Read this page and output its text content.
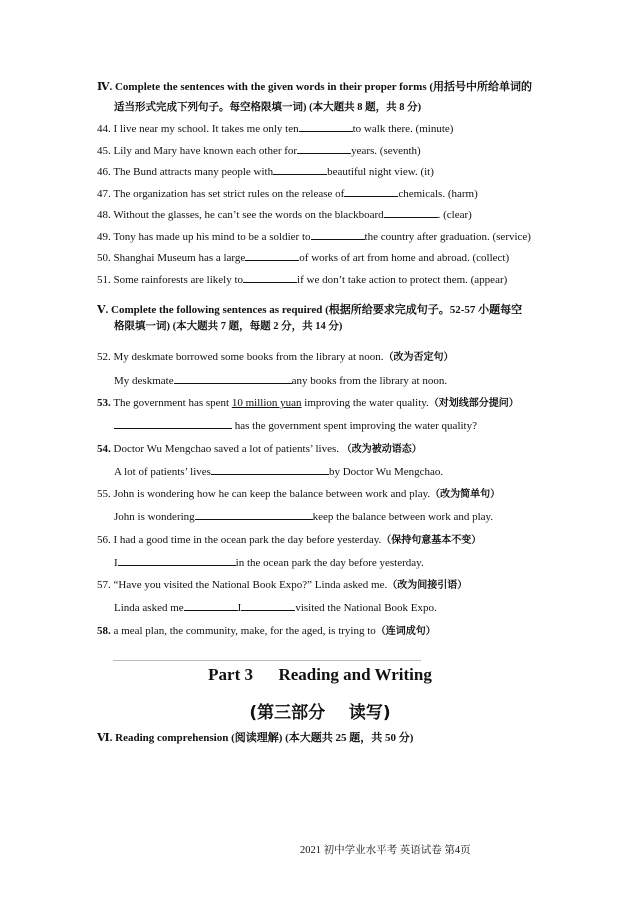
Ⅳ. Complete the sentences with the given words in their proper forms (用括号中所给单词的
适当形式完成下列句子。每空格限填一词) (本大题共 8 题，共 8 分)
44. I live near my school. It takes me only ten	to walk there. (minute)
45. Lily and Mary have known each other for	years. (seventh)
46. The Bund attracts many people with	beautiful night view. (it)
47. The organization has set strict rules on the release of	chemicals. (harm)
48. Without the glasses, he can’t see the words on the blackboard	. (clear)
49. Tony has made up his mind to be a soldier to	the country after graduation. (service)
50. Shanghai Museum has a large	of works of art from home and abroad. (collect)
51. Some rainforests are likely to	if we don’t take action to protect them. (appear)
Ⅴ. Complete the following sentences as required (根据所给要求完成句子。52-57 小题每空
格限填一词) (本大题共 7 题，每题 2 分，共 14 分)
52. My deskmate borrowed some books from the library at noon.（改为否定句）
My deskmate	any books from the library at noon.
53. The government has spent 10 million yuan improving the water quality.（对划线部分提问）
has the government spent improving the water quality?
54. Doctor Wu Mengchao saved a lot of patients’ lives. （改为被动语态）
A lot of patients’ lives	by Doctor Wu Mengchao.
55. John is wondering how he can keep the balance between work and play.（改为简单句）
John is wondering	keep the balance between work and play.
56. I had a good time in the ocean park the day before yesterday.（保持句意基本不变）
I	in the ocean park the day before yesterday.
57. “Have you visited the National Book Expo?” Linda asked me.（改为间接引语）
Linda asked me	I	visited the National Book Expo.
58. a meal plan, the community, make, for the aged, is trying to（连词成句）
Part 3      Reading and Writing
(第三部分    读写)
Ⅵ. Reading comprehension (阅读理解) (本大题共 25 题，共 50 分)
2021 初中学业水平考 英语试卷 第4页
